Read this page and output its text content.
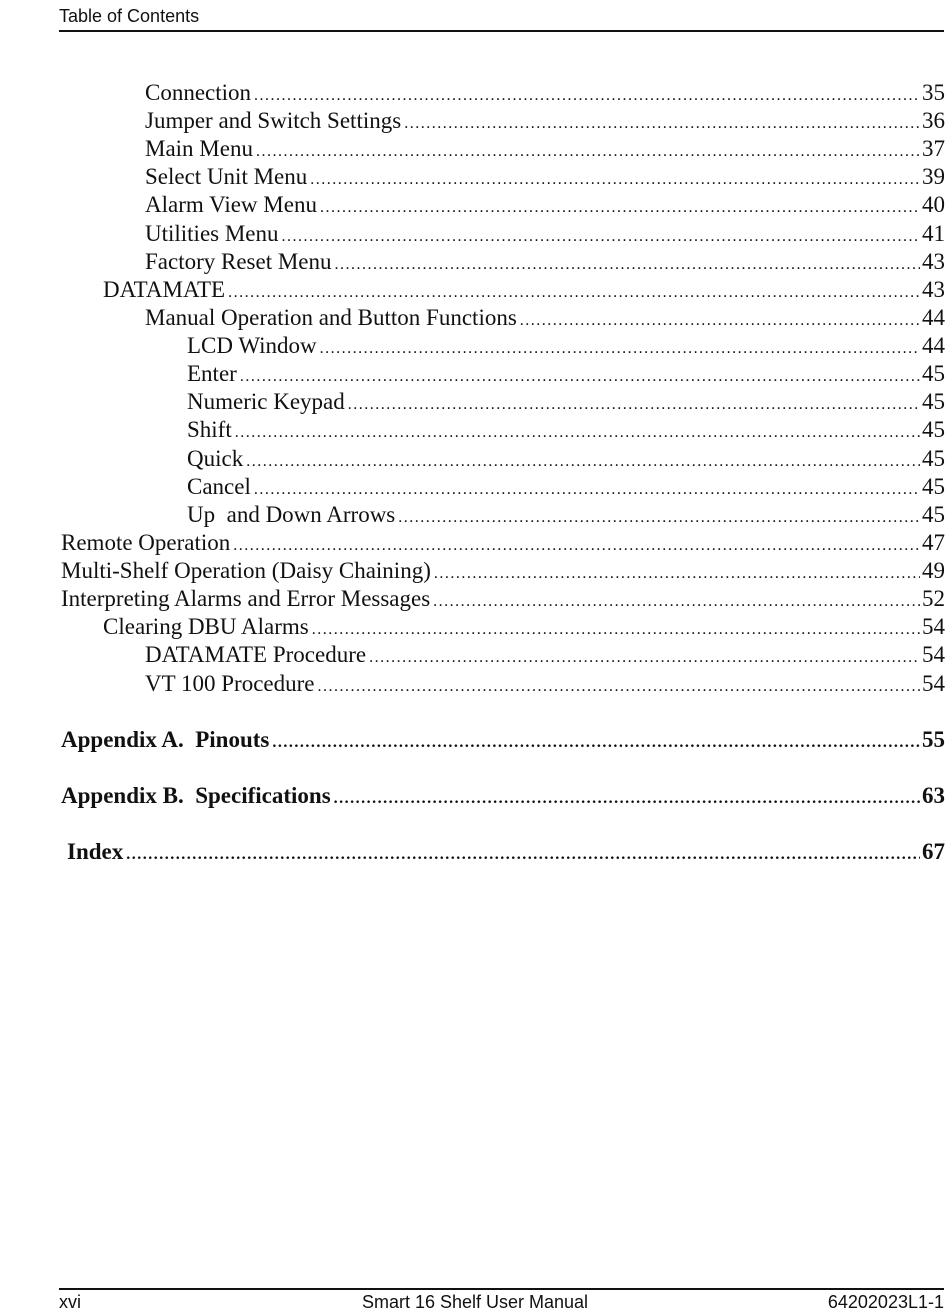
Table of Contents
Connection .....	35
Jumper and Switch Settings .....	36
Main Menu .....	37
Select Unit Menu .....	39
Alarm View Menu .....	40
Utilities Menu .....	41
Factory Reset Menu .....	43
DATAMATE .....	43
Manual Operation and Button Functions .....	44
LCD Window .....	44
Enter .....	45
Numeric Keypad .....	45
Shift .....	45
Quick .....	45
Cancel .....	45
Up  and Down Arrows .....	45
Remote Operation .....	47
Multi-Shelf Operation (Daisy Chaining) .....	49
Interpreting Alarms and Error Messages .....	52
Clearing DBU Alarms .....	54
DATAMATE Procedure .....	54
VT 100 Procedure .....	54
Appendix A.  Pinouts .....	55
Appendix B.  Specifications .....	63
Index .....	67
xvi	Smart 16 Shelf User Manual	64202023L1-1
